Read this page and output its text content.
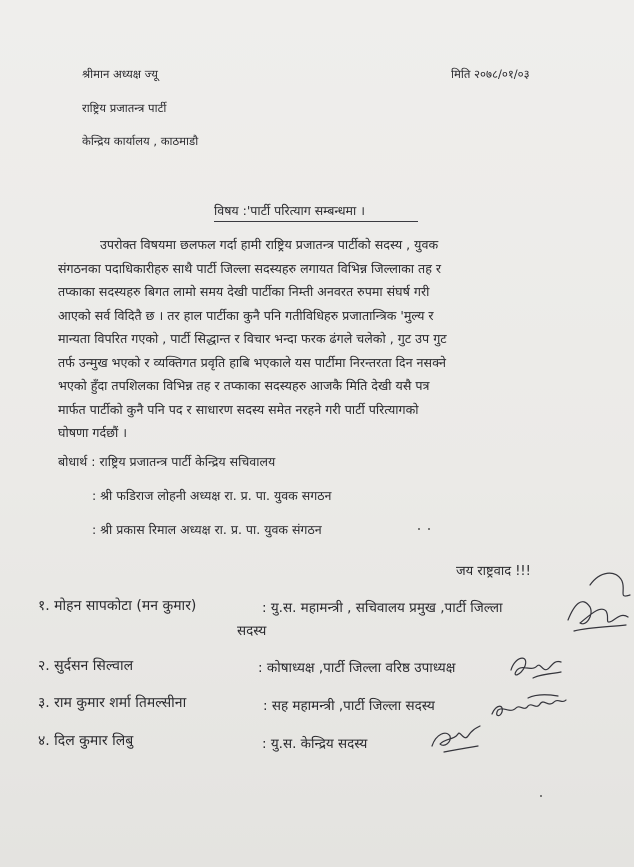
श्रीमान अध्यक्ष ज्यू	मिति २०७८/०१/०३
राष्ट्रिय प्रजातन्त्र पार्टी
केन्द्रिय कार्यालय , काठमाडौ
विषय :'पार्टी परित्याग सम्बन्धमा ।
उपरोक्त विषयमा छलफल गर्दा हामी राष्ट्रिय प्रजातन्त्र पार्टीको सदस्य , युवक
संगठनका पदाधिकारीहरु साथै पार्टी जिल्ला सदस्यहरु लगायत विभिन्न जिल्लाका तह र
तप्काका सदस्यहरु बिगत लामो समय देखी पार्टीका निम्ती अनवरत रुपमा संघर्ष गरी
आएको सर्व विदितै छ । तर हाल पार्टीका कुनै पनि गतीविधिहरु प्रजातान्त्रिक 'मुल्य र
मान्यता विपरित गएको , पार्टी सिद्धान्त र विचार भन्दा फरक ढंगले चलेको , गुट उप गुट
तर्फ उन्मुख भएको र व्यक्तिगत प्रवृति हाबि भएकाले यस पार्टीमा निरन्तरता दिन नसक्ने
भएको हुँदा तपशिलका विभिन्न तह र तप्काका सदस्यहरु आजकै मिति देखी यसै पत्र
मार्फत पार्टीको कुनै पनि पद र साधारण सदस्य समेत नरहने गरी पार्टी परित्यागको
घोषणा गर्दछौं ।
बोधार्थ : राष्ट्रिय प्रजातन्त्र पार्टी केन्द्रिय सचिवालय
: श्री फडिराज लोहनी अध्यक्ष रा. प्र. पा. युवक सगठन
: श्री प्रकास रिमाल अध्यक्ष रा. प्र. पा. युवक संगठन
जय राष्ट्रवाद !!!
१. मोहन सापकोटा (मन कुमार)	: यु.स. महामन्त्री , सचिवालय प्रमुख ,पार्टी जिल्ला
सदस्य
२. सुर्दसन सिल्वाल	: कोषाध्यक्ष ,पार्टी जिल्ला वरिष्ठ उपाध्यक्ष
३. राम कुमार शर्मा तिमल्सीना	: सह महामन्त्री ,पार्टी जिल्ला सदस्य
४. दिल कुमार लिबु	: यु.स. केन्द्रिय सदस्य
